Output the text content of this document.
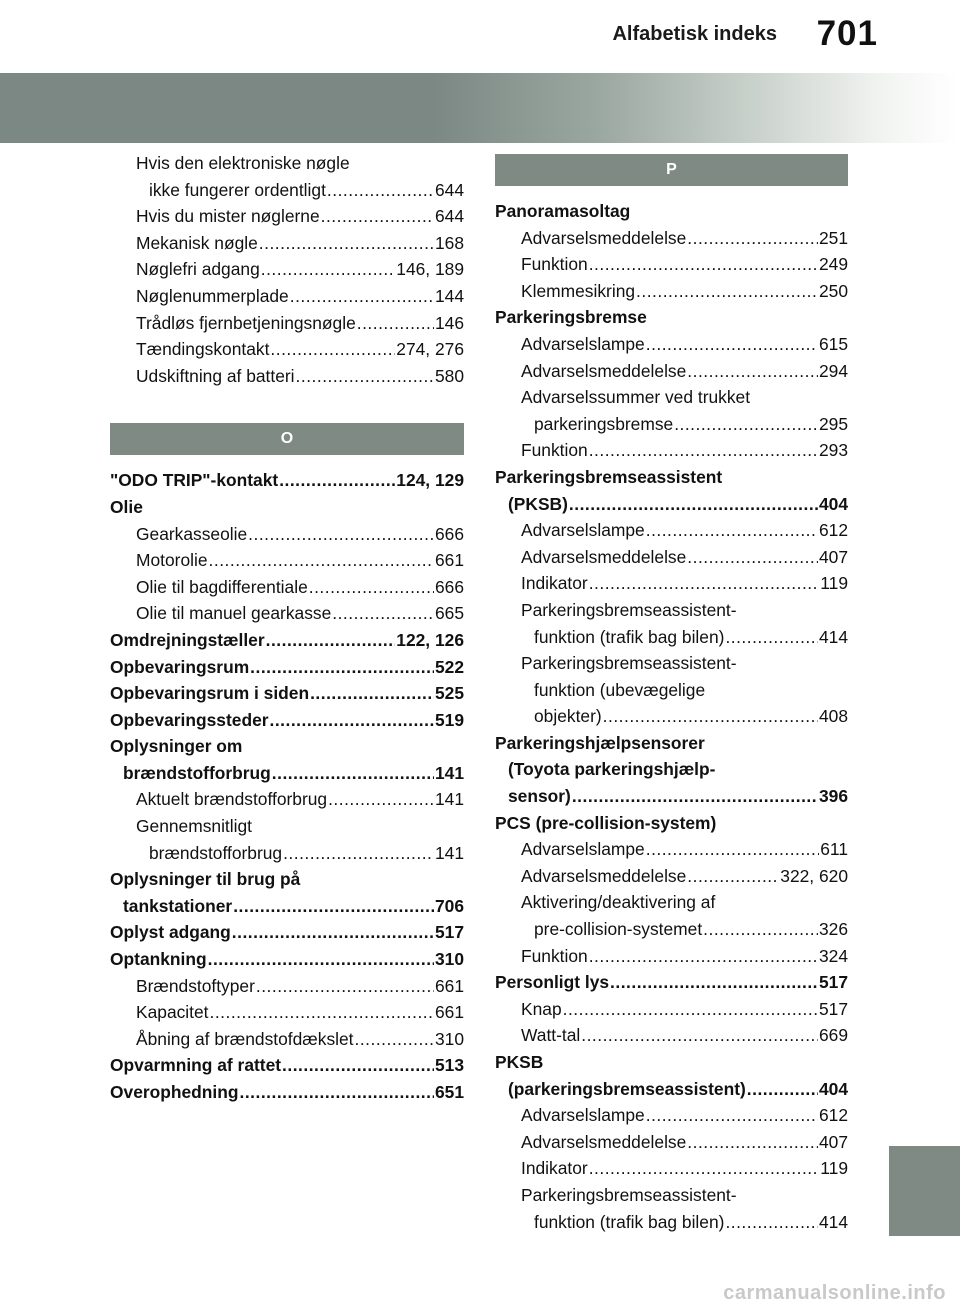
Alfabetisk indeks 701
Hvis den elektroniske nøgle
ikke fungerer ordentligt .....	644
Hvis du mister nøglerne .....	644
Mekanisk nøgle .....	168
Nøglefri adgang .....	146, 189
Nøglenummerplade .....	144
Trådløs fjernbetjeningsnøgle .....	146
Tændingskontakt .....	274, 276
Udskiftning af batteri .....	580
O
"ODO TRIP"-kontakt .....	124, 129
Olie
Gearkasseolie .....	666
Motorolie .....	661
Olie til bagdifferentiale .....	666
Olie til manuel gearkasse .....	665
Omdrejningstæller .....	122, 126
Opbevaringsrum .....	522
Opbevaringsrum i siden .....	525
Opbevaringssteder .....	519
Oplysninger om
brændstofforbrug .....	141
Aktuelt brændstofforbrug .....	141
Gennemsnitligt
brændstofforbrug .....	141
Oplysninger til brug på
tankstationer .....	706
Oplyst adgang .....	517
Optankning .....	310
Brændstoftyper .....	661
Kapacitet .....	661
Åbning af brændstofdækslet .....	310
Opvarmning af rattet .....	513
Overophedning .....	651
P
Panoramasoltag
Advarselsmeddelelse .....	251
Funktion .....	249
Klemmesikring .....	250
Parkeringsbremse
Advarselslampe .....	615
Advarselsmeddelelse .....	294
Advarselssummer ved trukket
parkeringsbremse .....	295
Funktion .....	293
Parkeringsbremseassistent
(PKSB) .....	404
Advarselslampe .....	612
Advarselsmeddelelse .....	407
Indikator .....	119
Parkeringsbremseassistent-
funktion (trafik bag bilen) .....	414
Parkeringsbremseassistent-
funktion (ubevægelige
objekter) .....	408
Parkeringshjælpsensorer
(Toyota parkeringshjælp-
sensor) .....	396
PCS (pre-collision-system)
Advarselslampe .....	611
Advarselsmeddelelse .....	322, 620
Aktivering/deaktivering af
pre-collision-systemet .....	326
Funktion .....	324
Personligt lys .....	517
Knap .....	517
Watt-tal .....	669
PKSB
(parkeringsbremseassistent) .....	404
Advarselslampe .....	612
Advarselsmeddelelse .....	407
Indikator .....	119
Parkeringsbremseassistent-
funktion (trafik bag bilen) .....	414
carmanualsonline.info
